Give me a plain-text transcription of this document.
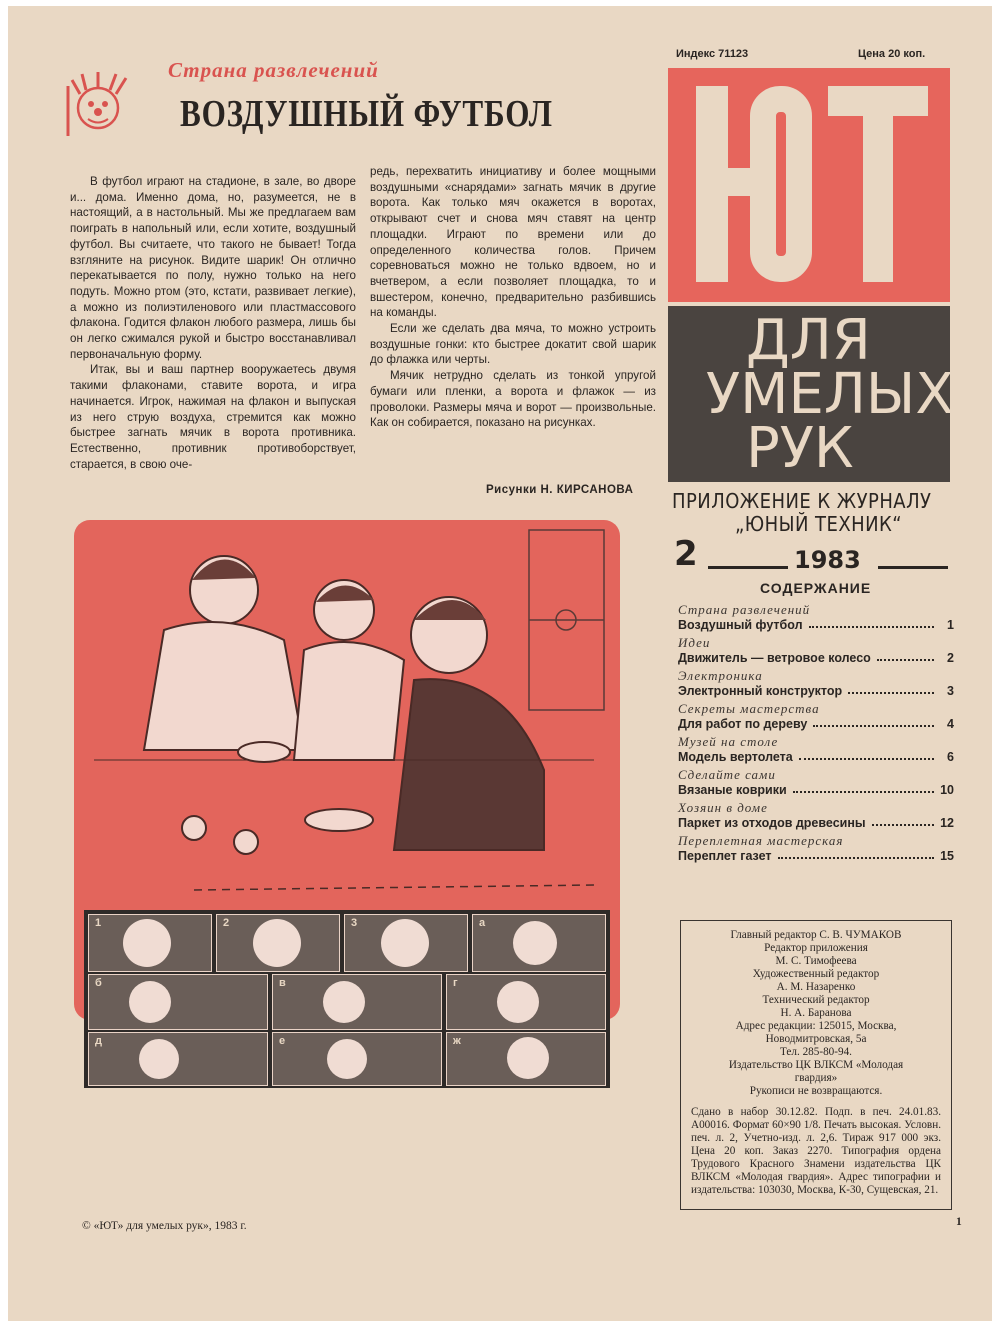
Страна развлечений
ВОЗДУШНЫЙ ФУТБОЛ

В футбол играют на стадионе, в зале, во дворе и... дома. Именно дома, но, разумеется, не в настоящий, а в настольный. Мы же предлагаем вам поиграть в напольный или, если хотите, воздушный футбол. Вы считаете, что такого не бывает! Тогда взгляните на рисунок. Видите шарик! Он отлично перекатывается по полу, нужно только на него подуть. Можно ртом (это, кстати, развивает легкие), а можно из полиэтиленового или пластмассового флакона. Годится флакон любого размера, лишь бы он легко сжимался рукой и быстро восстанавливал первоначальную форму.

Итак, вы и ваш партнер вооружаетесь двумя такими флаконами, ставите ворота, и игра начинается. Игрок, нажимая на флакон и выпуская из него струю воздуха, стремится как можно быстрее загнать мячик в ворота противника. Естественно, противник противоборствует, старается, в свою оче-

редь, перехватить инициативу и более мощными воздушными «снарядами» загнать мячик в другие ворота. Как только мяч окажется в воротах, открывают счет и снова мяч ставят на центр площадки. Играют по времени или до определенного количества голов. Причем соревноваться можно не только вдвоем, но и вчетвером, а если позволяет площадка, то и вшестером, конечно, предварительно разбившись на команды.

Если же сделать два мяча, то можно устроить воздушные гонки: кто быстрее докатит свой шарик до флажка или черты.

Мячик нетрудно сделать из тонкой упругой бумаги или пленки, а ворота и флажок — из проволоки. Размеры мяча и ворот — произвольные. Как он собирается, показано на рисунках.

Рисунки Н. КИРСАНОВА
1	2	3	а
б	в	г
д	е	ж
Индекс 71123	Цена 20 коп.
ДЛЯ
УМЕЛЫХ
РУК
ПРИЛОЖЕНИЕ К ЖУРНАЛУ
„ЮНЫЙ ТЕХНИК“
2	1983
СОДЕРЖАНИЕ
Страна развлечений
Воздушный футбол	1
Идеи
Движитель — ветровое колесо	2
Электроника
Электронный конструктор	3
Секреты мастерства
Для работ по дереву	4
Музей на столе
Модель вертолета	6
Сделайте сами
Вязаные коврики	10
Хозяин в доме
Паркет из отходов древесины	12
Переплетная мастерская
Переплет газет	15
Главный редактор С. В. ЧУМАКОВ
Редактор приложения
М. С. Тимофеева
Художественный редактор
А. М. Назаренко
Технический редактор
Н. А. Баранова
Адрес редакции: 125015, Москва,
Новодмитровская, 5а
Тел. 285-80-94.
Издательство ЦК ВЛКСМ «Молодая
гвардия»
Рукописи не возвращаются.
Сдано в набор 30.12.82. Подп. в печ. 24.01.83. А00016. Формат 60×90 1/8. Печать высокая. Условн. печ. л. 2, Учетно-изд. л. 2,6. Тираж 917 000 экз. Цена 20 коп. Заказ 2270. Типография ордена Трудового Красного Знамени издательства ЦК ВЛКСМ «Молодая гвардия». Адрес типографии и издательства: 103030, Москва, К-30, Сущевская, 21.
© «ЮТ» для умелых рук», 1983 г.	1
